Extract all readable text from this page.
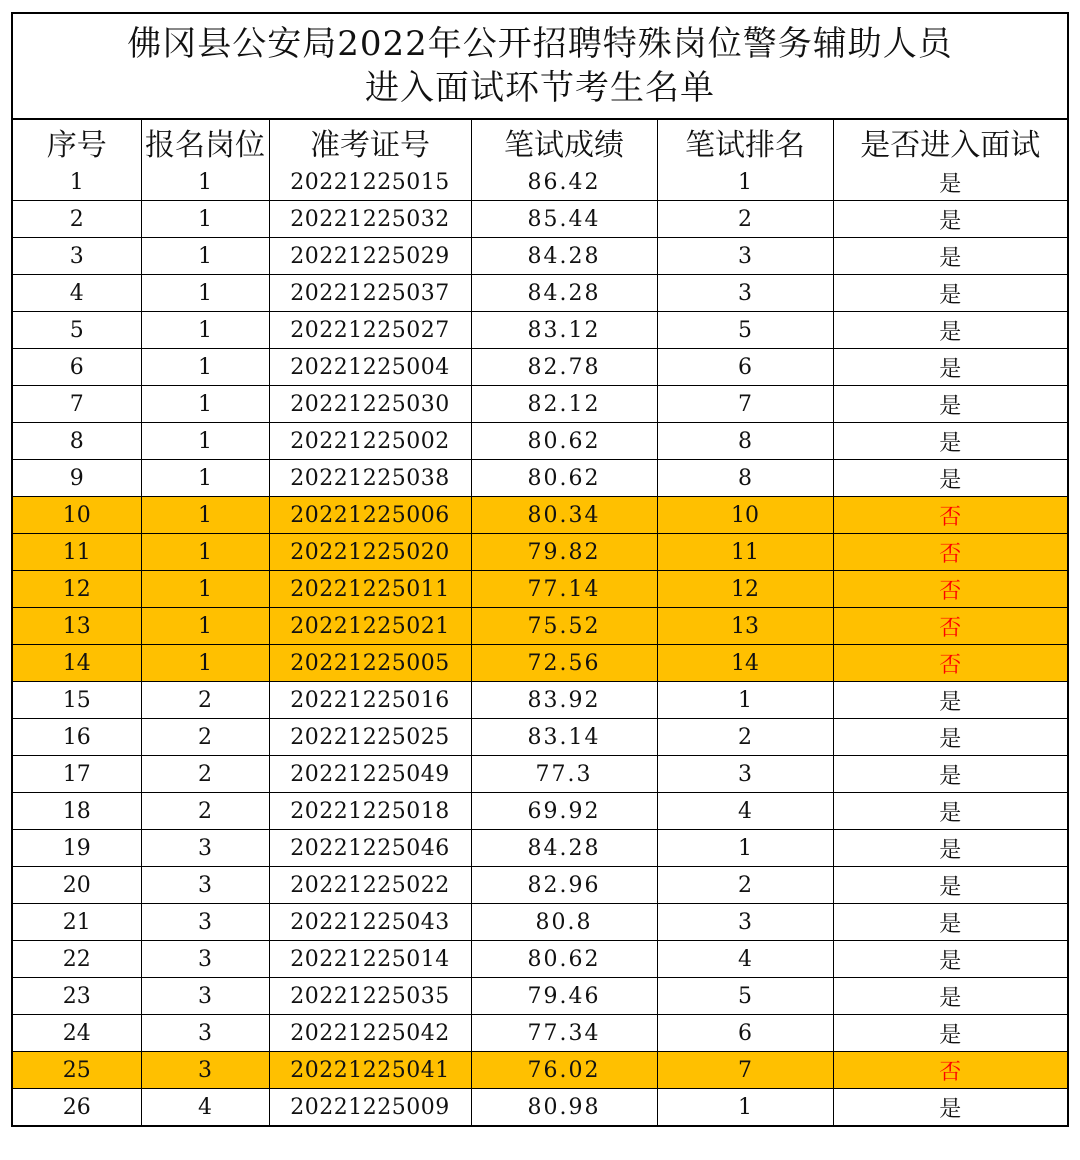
佛冈县公安局2022年公开招聘特殊岗位警务辅助人员
进入面试环节考生名单
序号	报名岗位	准考证号	笔试成绩	笔试排名	是否进入面试
1	1	20221225015	86.42	1	是
2	1	20221225032	85.44	2	是
3	1	20221225029	84.28	3	是
4	1	20221225037	84.28	3	是
5	1	20221225027	83.12	5	是
6	1	20221225004	82.78	6	是
7	1	20221225030	82.12	7	是
8	1	20221225002	80.62	8	是
9	1	20221225038	80.62	8	是
10	1	20221225006	80.34	10	否
11	1	20221225020	79.82	11	否
12	1	20221225011	77.14	12	否
13	1	20221225021	75.52	13	否
14	1	20221225005	72.56	14	否
15	2	20221225016	83.92	1	是
16	2	20221225025	83.14	2	是
17	2	20221225049	77.3	3	是
18	2	20221225018	69.92	4	是
19	3	20221225046	84.28	1	是
20	3	20221225022	82.96	2	是
21	3	20221225043	80.8	3	是
22	3	20221225014	80.62	4	是
23	3	20221225035	79.46	5	是
24	3	20221225042	77.34	6	是
25	3	20221225041	76.02	7	否
26	4	20221225009	80.98	1	是
